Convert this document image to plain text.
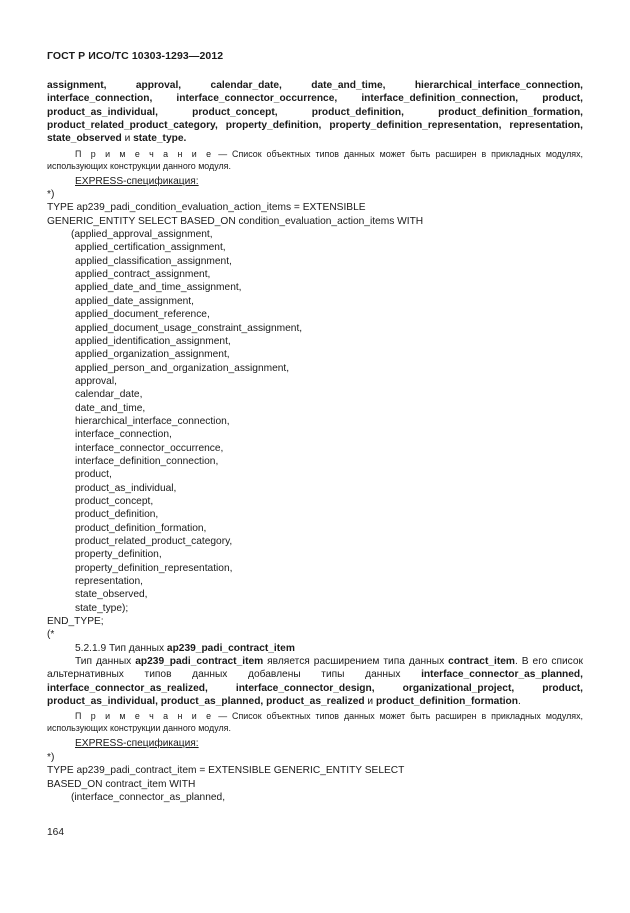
ГОСТ Р ИСО/ТС 10303-1293—2012

assignment, approval, calendar_date, date_and_time, hierarchical_interface_connection, interface_connection, interface_connector_occurrence, interface_definition_connection, product, product_as_individual, product_concept, product_definition, product_definition_formation, product_related_product_category, property_definition, property_definition_representation, representation, state_observed и state_type.

П р и м е ч а н и е — Список объектных типов данных может быть расширен в прикладных модулях, использующих конструкции данного модуля.

EXPRESS-спецификация:

*)

TYPE ap239_padi_condition_evaluation_action_items = EXTENSIBLE

GENERIC_ENTITY SELECT BASED_ON condition_evaluation_action_items WITH

(applied_approval_assignment,

applied_certification_assignment,

applied_classification_assignment,

applied_contract_assignment,

applied_date_and_time_assignment,

applied_date_assignment,

applied_document_reference,

applied_document_usage_constraint_assignment,

applied_identification_assignment,

applied_organization_assignment,

applied_person_and_organization_assignment,

approval,

calendar_date,

date_and_time,

hierarchical_interface_connection,

interface_connection,

interface_connector_occurrence,

interface_definition_connection,

product,

product_as_individual,

product_concept,

product_definition,

product_definition_formation,

product_related_product_category,

property_definition,

property_definition_representation,

representation,

state_observed,

state_type);

END_TYPE;

(*

5.2.1.9 Тип данных ap239_padi_contract_item

Тип данных ap239_padi_contract_item является расширением типа данных contract_item. В его список альтернативных типов данных добавлены типы данных interface_connector_as_planned, interface_connector_as_realized, interface_connector_design, organizational_project, product, product_as_individual, product_as_planned, product_as_realized и product_definition_formation.

П р и м е ч а н и е — Список объектных типов данных может быть расширен в прикладных модулях, использующих конструкции данного модуля.

EXPRESS-спецификация:

*)

TYPE ap239_padi_contract_item = EXTENSIBLE GENERIC_ENTITY SELECT

BASED_ON contract_item WITH

(interface_connector_as_planned,

164
